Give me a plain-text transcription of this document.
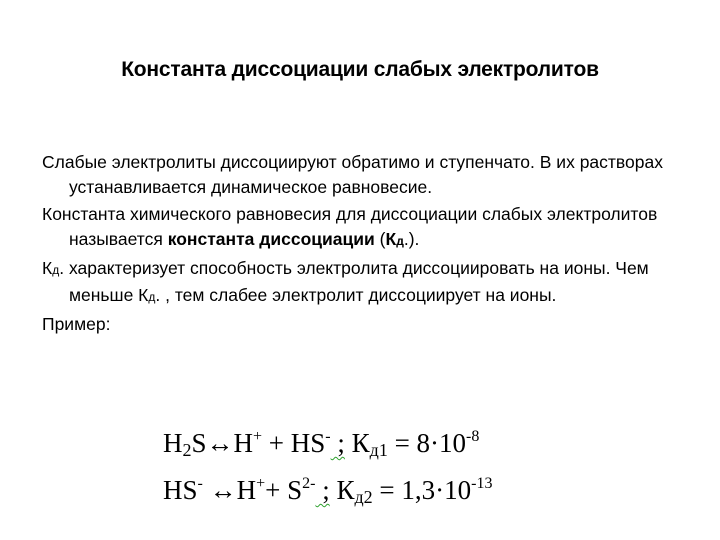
Константа диссоциации слабых электролитов

Слабые электролиты диссоциируют обратимо и ступенчато. В их растворах устанавливается динамическое равновесие.

Константа химического равновесия для диссоциации слабых электролитов называется константа диссоциации (Кд.).

Кд. характеризует способность электролита диссоциировать на ионы. Чем меньше Кд. , тем слабее электролит диссоциирует на ионы.

Пример:

$H_2S\leftrightarrow H^+ + HS^-$ ; $К_{д1} = 8\cdot 10^{-8}$
HS- ↔H++ $S^{2-}$ ; $К_{д2} = 1,3\cdot 10^{-13}$
